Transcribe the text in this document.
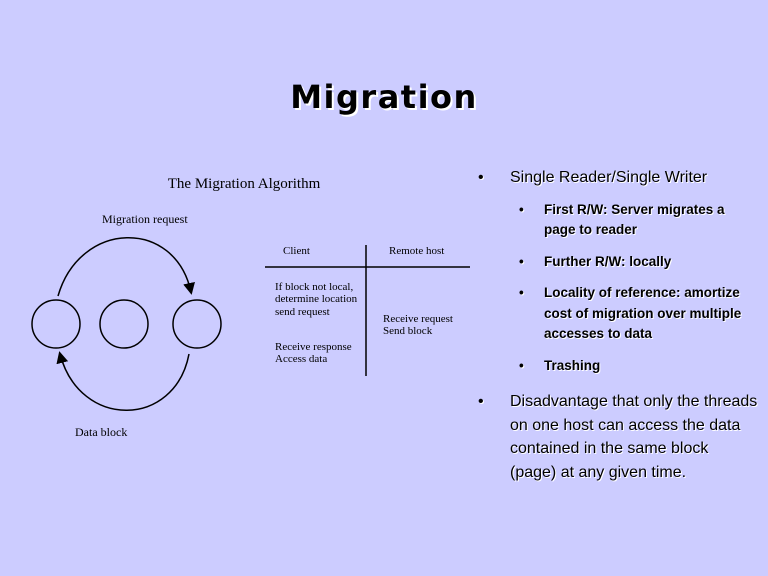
Migration
The Migration Algorithm
Migration request
Data block
Client	Remote host
If block not local,
determine location
send request
Receive request
Send block
Receive response
Access data
• Single Reader/Single Writer
• First R/W: Server migrates a page to reader
• Further R/W: locally
• Locality of reference: amortize cost of migration over multiple accesses to data
• Trashing
• Disadvantage that only the threads on one host can access the data contained in the same block (page) at any given time.
